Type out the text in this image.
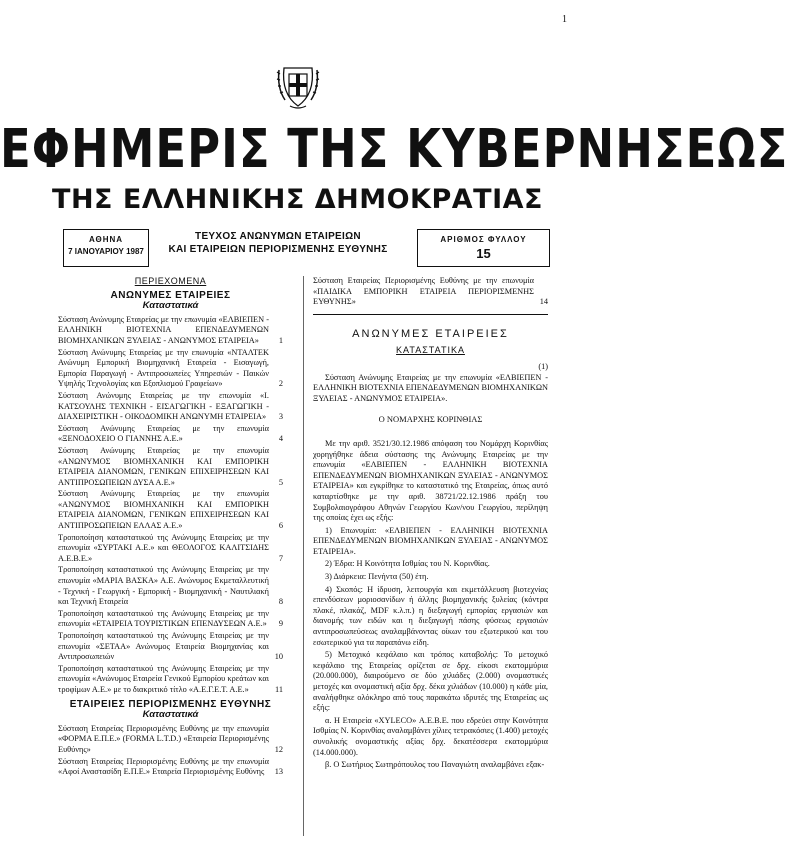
1
ΕΦΗΜΕΡΙΣ ΤΗΣ ΚΥΒΕΡΝΗΣΕΩΣ
ΤΗΣ ΕΛΛΗΝΙΚΗΣ ΔΗΜΟΚΡΑΤΙΑΣ
ΑΘΗΝΑ
7 ΙΑΝΟΥΑΡΙΟΥ 1987
ΤΕΥΧΟΣ ΑΝΩΝΥΜΩΝ ΕΤΑΙΡΕΙΩΝ
ΚΑΙ ΕΤΑΙΡΕΙΩΝ ΠΕΡΙΟΡΙΣΜΕΝΗΣ ΕΥΘΥΝΗΣ
ΑΡΙΘΜΟΣ ΦΥΛΛΟΥ
15
ΠΕΡΙΕΧΟΜΕΝΑ
ΑΝΩΝΥΜΕΣ ΕΤΑΙΡΕΙΕΣ
Καταστατικά
Σύσταση Ανώνυμης Εταιρείας με την επωνυμία «ΕΛΒΙΕΠΕΝ - ΕΛΛΗΝΙΚΗ ΒΙΟΤΕΧΝΙΑ ΕΠΕΝΔΕΔΥΜΕΝΩΝ ΒΙΟΜΗΧΑΝΙΚΩΝ ΞΥΛΕΙΑΣ - ΑΝΩΝΥΜΟΣ ΕΤΑΙΡΕΙΑ»	1
Σύσταση Ανώνυμης Εταιρείας με την επωνυμία «ΝΤΑΛΤΕΚ Ανώνυμη Εμπορική Βιομηχανική Εταιρεία - Εισαγωγή, Εμπορία Παραγωγή - Αντιπροσωπείες Υπηρεσιών - Παικών Υψηλής Τεχνολογίας και Εξοπλισμού Γραφείων»	2
Σύσταση Ανώνυμης Εταιρείας με την επωνυμία «Ι. ΚΑΤΣΟΥΛΗΣ ΤΕΧΝΙΚΗ - ΕΙΣΑΓΩΓΙΚΗ - ΕΞΑΓΩΓΙΚΗ - ΔΙΑΧΕΙΡΙΣΤΙΚΗ - ΟΙΚΟΔΟΜΙΚΗ ΑΝΩΝΥΜΗ ΕΤΑΙΡΕΙΑ»	3
Σύσταση Ανώνυμης Εταιρείας με την επωνυμία «ΞΕΝΟΔΟΧΕΙΟ Ο ΓΙΑΝΝΗΣ Α.Ε.»	4
Σύσταση Ανώνυμης Εταιρείας με την επωνυμία «ΑΝΩΝΥΜΟΣ ΒΙΟΜΗΧΑΝΙΚΗ ΚΑΙ ΕΜΠΟΡΙΚΗ ΕΤΑΙΡΕΙΑ ΔΙΑΝΟΜΩΝ, ΓΕΝΙΚΩΝ ΕΠΙΧΕΙΡΗΣΕΩΝ ΚΑΙ ΑΝΤΙΠΡΟΣΩΠΕΙΩΝ ΔΥΣΑ Α.Ε.»	5
Σύσταση Ανώνυμης Εταιρείας με την επωνυμία «ΑΝΩΝΥΜΟΣ ΒΙΟΜΗΧΑΝΙΚΗ ΚΑΙ ΕΜΠΟΡΙΚΗ ΕΤΑΙΡΕΙΑ ΔΙΑΝΟΜΩΝ, ΓΕΝΙΚΩΝ ΕΠΙΧΕΙΡΗΣΕΩΝ ΚΑΙ ΑΝΤΙΠΡΟΣΩΠΕΙΩΝ ΕΛΛΑΣ Α.Ε.»	6
Τροποποίηση καταστατικού της Ανώνυμης Εταιρείας με την επωνυμία «ΣΥΡΤΑΚΙ Α.Ε.» και ΘΕΟΛΟΓΟΣ ΚΑΛΙΤΣΙΔΗΣ Α.Ε.Β.Ε.»	7
Τροποποίηση καταστατικού της Ανώνυμης Εταιρείας με την επωνυμία «ΜΑΡΙΑ ΒΑΣΚΑ» Α.Ε. Ανώνυμος Εκμεταλλευτική - Τεχνική - Γεωργική - Εμπορική - Βιομηχανική - Ναυτιλιακή και Τεχνική Εταιρεία	8
Τροποποίηση καταστατικού της Ανώνυμης Εταιρείας με την επωνυμία «ΕΤΑΙΡΕΙΑ ΤΟΥΡΙΣΤΙΚΩΝ ΕΠΕΝΔΥΣΕΩΝ Α.Ε.» 9
Τροποποίηση καταστατικού της Ανώνυμης Εταιρείας με την επωνυμία «ΣΕΤΑΑ» Ανώνυμος Εταιρεία Βιομηχανίας και Αντιπροσωπειών	10
Τροποποίηση καταστατικού της Ανώνυμης Εταιρείας με την επωνυμία «Ανώνυμος Εταιρεία Γενικού Εμπορίου κρεάτων και τροφίμων Α.Ε.» με το διακριτικό τίτλο «Α.Ε.Γ.Ε.Τ. Α.Ε.»	11
ΕΤΑΙΡΕΙΕΣ ΠΕΡΙΟΡΙΣΜΕΝΗΣ ΕΥΘΥΝΗΣ
Καταστατικά
Σύσταση Εταιρείας Περιορισμένης Ευθύνης με την επωνυμία «ΦΟΡΜΑ Ε.Π.Ε.» (FORMA L.T.D.) «Εταιρεία Περιορισμένης Ευθύνης»	12
Σύσταση Εταιρείας Περιορισμένης Ευθύνης με την επωνυμία «Αφοί Αναστασίδη Ε.Π.Ε.» Εταιρεία Περιορισμένης Ευθύνης	13
Σύσταση Εταιρείας Περιορισμένης Ευθύνης με την επωνυμία «ΠΑΙΔΙΚΑ ΕΜΠΟΡΙΚΗ ΕΤΑΙΡΕΙΑ ΠΕΡΙΟΡΙΣΜΕΝΗΣ ΕΥΘΥΝΗΣ»	14
ΑΝΩΝΥΜΕΣ ΕΤΑΙΡΕΙΕΣ
ΚΑΤΑΣΤΑΤΙΚΑ

(1)

Σύσταση Ανώνυμης Εταιρείας με την επωνυμία «ΕΛΒΙΕΠΕΝ - ΕΛΛΗΝΙΚΗ ΒΙΟΤΕΧΝΙΑ ΕΠΕΝΔΕΔΥΜΕΝΩΝ ΒΙΟΜΗΧΑΝΙΚΩΝ ΞΥΛΕΙΑΣ - ΑΝΩΝΥΜΟΣ ΕΤΑΙΡΕΙΑ».

Ο ΝΟΜΑΡΧΗΣ ΚΟΡΙΝΘΙΑΣ

Με την αριθ. 3521/30.12.1986 απόφαση του Νομάρχη Κορινθίας χορηγήθηκε άδεια σύστασης της Ανώνυμης Εταιρείας με την επωνυμία «ΕΛΒΙΕΠΕΝ - ΕΛΛΗΝΙΚΗ ΒΙΟΤΕΧΝΙΑ ΕΠΕΝΔΕΔΥΜΕΝΩΝ ΒΙΟΜΗΧΑΝΙΚΩΝ ΞΥΛΕΙΑΣ - ΑΝΩΝΥΜΟΣ ΕΤΑΙΡΕΙΑ» και εγκρίθηκε το καταστατικό της Εταιρείας, όπως αυτό καταρτίσθηκε με την αριθ. 38721/22.12.1986 πράξη του Συμβολαιογράφου Αθηνών Γεωργίου Κων/νου Γεωργίου, περίληψη της οποίας έχει ως εξής:

1) Επωνυμία: «ΕΛΒΙΕΠΕΝ - ΕΛΛΗΝΙΚΗ ΒΙΟΤΕΧΝΙΑ ΕΠΕΝΔΕΔΥΜΕΝΩΝ ΒΙΟΜΗΧΑΝΙΚΩΝ ΞΥΛΕΙΑΣ - ΑΝΩΝΥΜΟΣ ΕΤΑΙΡΕΙΑ».

2) Έδρα: Η Κοινότητα Ισθμίας του Ν. Κορινθίας.

3) Διάρκεια: Πενήντα (50) έτη.

4) Σκοπός: Η ίδρυση, λειτουργία και εκμετάλλευση βιοτεχνίας επενδύσεων μοριοσανίδων ή άλλης βιομηχανικής ξυλείας (κόντρα πλακέ, πλακάζ, MDF κ.λ.π.) η διεξαγωγή εμπορίας εργασιών και διανομής των ειδών και η διεξαγωγή πάσης φύσεως εργασιών αντιπροσωπεύσεως αναλαμβάνοντας οίκων του εξωτερικού και του εσωτερικού για τα παραπάνω είδη.

5) Μετοχικό κεφάλαιο και τρόπος καταβολής: Το μετοχικό κεφάλαιο της Εταιρείας ορίζεται σε δρχ. είκοσι εκατομμύρια (20.000.000), διαιρούμενο σε δύο χιλιάδες (2.000) ονομαστικές μετοχές και ονομαστική αξία δρχ. δέκα χιλιάδων (10.000) η κάθε μία, αναλήφθηκε ολόκληρο από τους παρακάτω ιδρυτές της Εταιρείας ως εξής:

α. Η Εταιρεία «XYLECO» Α.Ε.Β.Ε. που εδρεύει στην Κοινότητα Ισθμίας Ν. Κορινθίας αναλαμβάνει χίλιες τετρακόσιες (1.400) μετοχές συνολικής ονομαστικής αξίας δρχ. δεκατέσσερα εκατομμύρια (14.000.000).

β. Ο Σωτήριος Σωτηρόπουλος του Παναγιώτη αναλαμβάνει εξακ-
